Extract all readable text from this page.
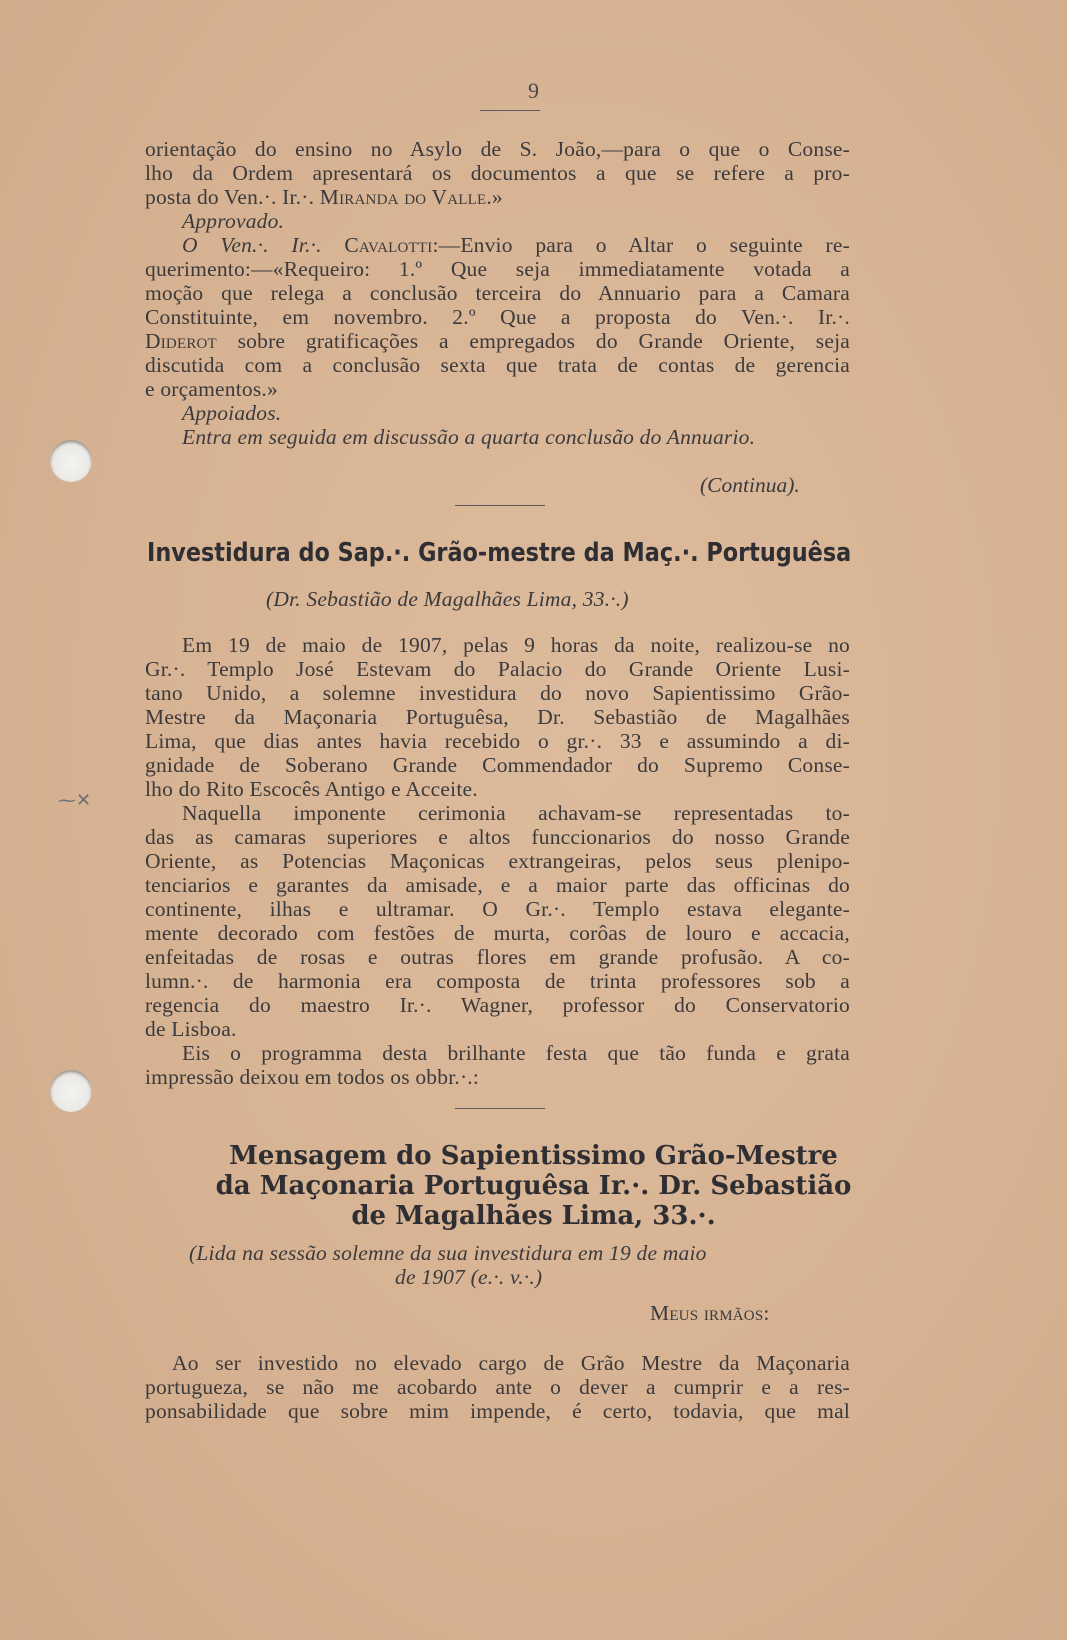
⁓✕
9
orientação do ensino no Asylo de S. João,—para o que o Conse-
lho da Ordem apresentará os documentos a que se refere a pro-
posta do Ven.·. Ir.·. Miranda do Valle.»
Approvado.
O Ven.·. Ir.·. Cavalotti:—Envio para o Altar o seguinte re-
querimento:—«Requeiro: 1.º Que seja immediatamente votada a
moção que relega a conclusão terceira do Annuario para a Camara
Constituinte, em novembro. 2.º Que a proposta do Ven.·. Ir.·.
Diderot sobre gratificações a empregados do Grande Oriente, seja
discutida com a conclusão sexta que trata de contas de gerencia
e orçamentos.»
Appoiados.
Entra em seguida em discussão a quarta conclusão do Annuario.
(Continua).
Investidura do Sap.·. Grão-mestre da Maç.·. Portuguêsa
(Dr. Sebastião de Magalhães Lima, 33.·.)
Em 19 de maio de 1907, pelas 9 horas da noite, realizou-se no
Gr.·. Templo José Estevam do Palacio do Grande Oriente Lusi-
tano Unido, a solemne investidura do novo Sapientissimo Grão-
Mestre da Maçonaria Portuguêsa, Dr. Sebastião de Magalhães
Lima, que dias antes havia recebido o gr.·. 33 e assumindo a di-
gnidade de Soberano Grande Commendador do Supremo Conse-
lho do Rito Escocês Antigo e Acceite.
Naquella imponente cerimonia achavam-se representadas to-
das as camaras superiores e altos funccionarios do nosso Grande
Oriente, as Potencias Maçonicas extrangeiras, pelos seus plenipo-
tenciarios e garantes da amisade, e a maior parte das officinas do
continente, ilhas e ultramar. O Gr.·. Templo estava elegante-
mente decorado com festões de murta, corôas de louro e accacia,
enfeitadas de rosas e outras flores em grande profusão. A co-
lumn.·. de harmonia era composta de trinta professores sob a
regencia do maestro Ir.·. Wagner, professor do Conservatorio
de Lisboa.
Eis o programma desta brilhante festa que tão funda e grata
impressão deixou em todos os obbr.·.:
Mensagem do Sapientissimo Grão-Mestre
da Maçonaria Portuguêsa Ir.·. Dr. Sebastião
de Magalhães Lima, 33.·.
(Lida na sessão solemne da sua investidura em 19 de maio
de 1907 (e.·. v.·.)
Meus irmãos:
Ao ser investido no elevado cargo de Grão Mestre da Maçonaria
portugueza, se não me acobardo ante o dever a cumprir e a res-
ponsabilidade que sobre mim impende, é certo, todavia, que mal
